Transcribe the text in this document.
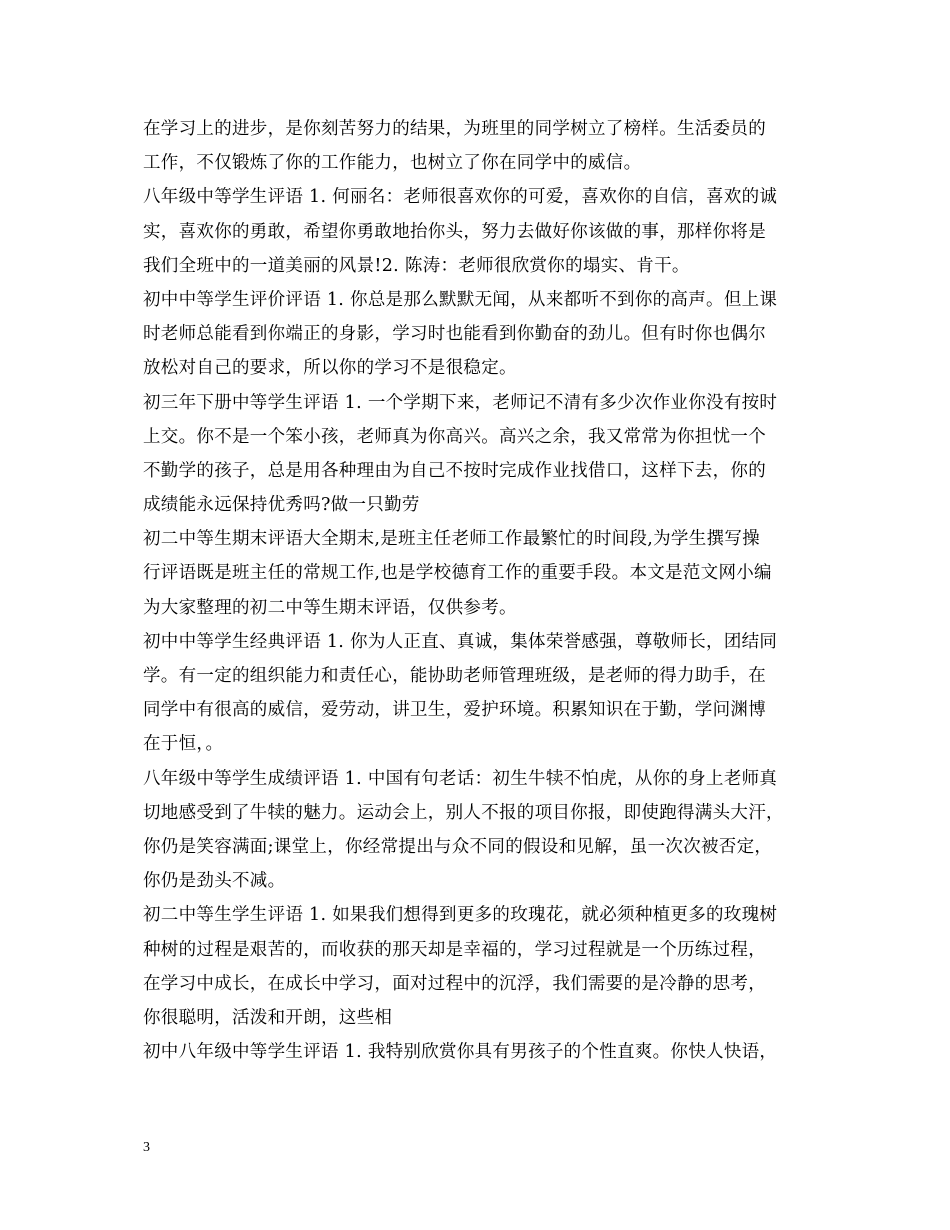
在学习上的进步，是你刻苦努力的结果，为班里的同学树立了榜样。生活委员的
工作，不仅锻炼了你的工作能力，也树立了你在同学中的威信。
八年级中等学生评语 1. 何丽名：老师很喜欢你的可爱，喜欢你的自信，喜欢的诚
实，喜欢你的勇敢，希望你勇敢地抬你头，努力去做好你该做的事，那样你将是
我们全班中的一道美丽的风景!2. 陈涛：老师很欣赏你的塌实、肯干。
初中中等学生评价评语 1. 你总是那么默默无闻，从来都听不到你的高声。但上课
时老师总能看到你端正的身影，学习时也能看到你勤奋的劲儿。但有时你也偶尔
放松对自己的要求，所以你的学习不是很稳定。
初三年下册中等学生评语 1. 一个学期下来，老师记不清有多少次作业你没有按时
上交。你不是一个笨小孩，老师真为你高兴。高兴之余，我又常常为你担忧一个
不勤学的孩子，总是用各种理由为自己不按时完成作业找借口，这样下去，你的
成绩能永远保持优秀吗?做一只勤劳
初二中等生期末评语大全期末,是班主任老师工作最繁忙的时间段,为学生撰写操
行评语既是班主任的常规工作,也是学校德育工作的重要手段。本文是范文网小编
为大家整理的初二中等生期末评语，仅供参考。
初中中等学生经典评语 1. 你为人正直、真诚，集体荣誉感强，尊敬师长，团结同
学。有一定的组织能力和责任心，能协助老师管理班级，是老师的得力助手，在
同学中有很高的威信，爱劳动，讲卫生，爱护环境。积累知识在于勤，学问渊博
在于恒，。
八年级中等学生成绩评语 1. 中国有句老话：初生牛犊不怕虎，从你的身上老师真
切地感受到了牛犊的魅力。运动会上，别人不报的项目你报，即使跑得满头大汗，
你仍是笑容满面;课堂上，你经常提出与众不同的假设和见解，虽一次次被否定，
你仍是劲头不减。
初二中等生学生评语 1. 如果我们想得到更多的玫瑰花，就必须种植更多的玫瑰树
种树的过程是艰苦的，而收获的那天却是幸福的，学习过程就是一个历练过程，
在学习中成长，在成长中学习，面对过程中的沉浮，我们需要的是冷静的思考，
你很聪明，活泼和开朗，这些相
初中八年级中等学生评语 1. 我特别欣赏你具有男孩子的个性直爽。你快人快语，
3
